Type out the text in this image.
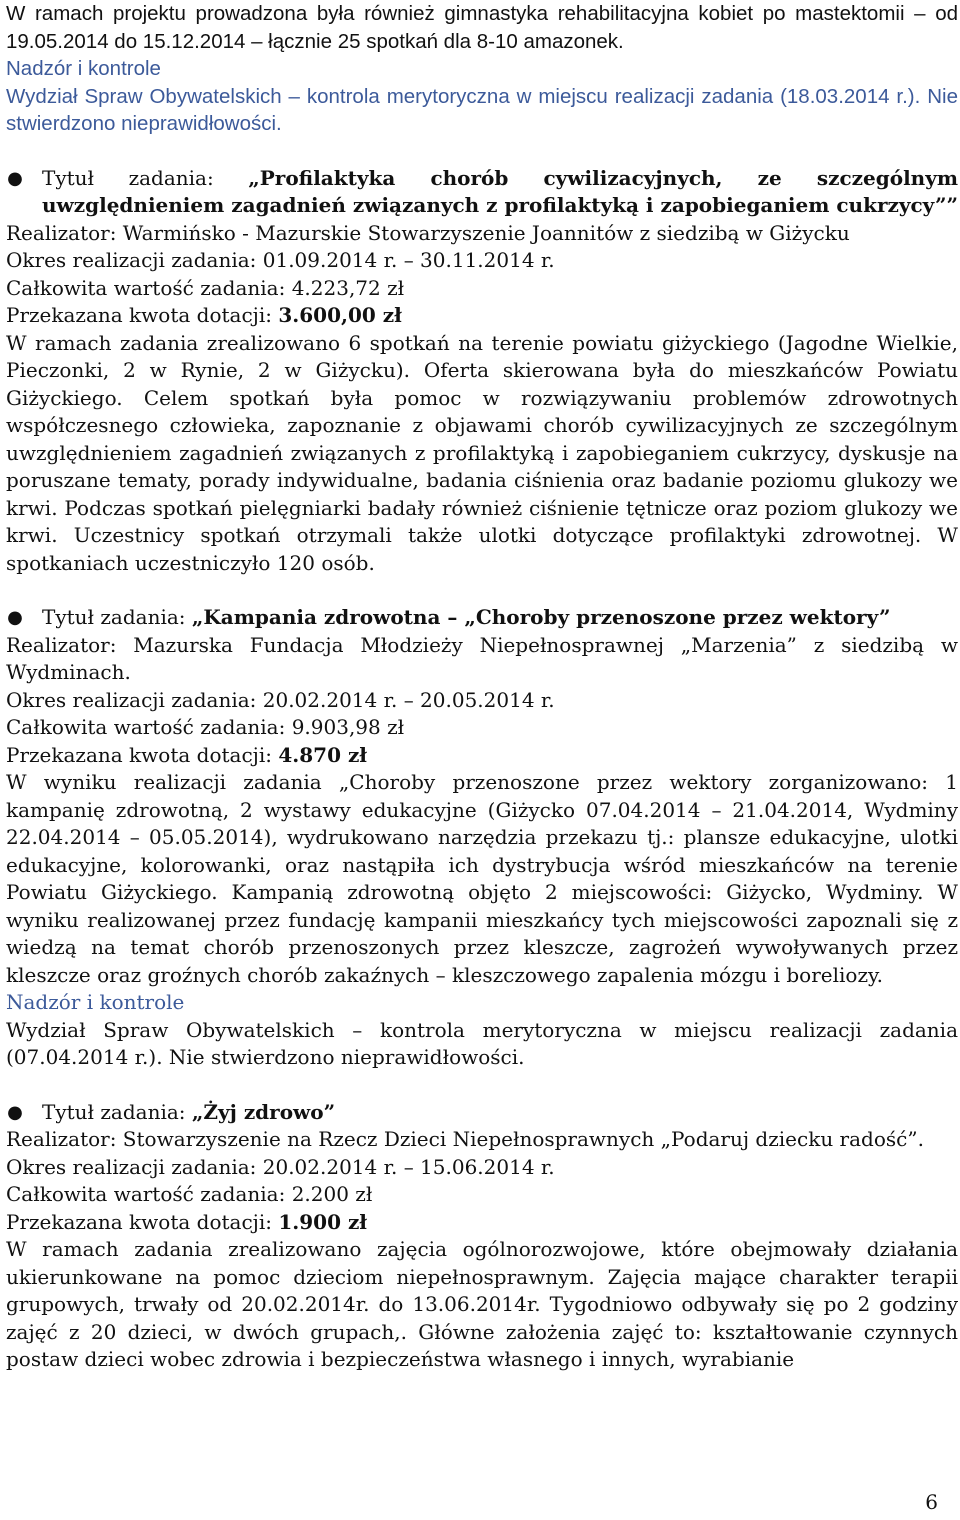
W ramach projektu prowadzona była również gimnastyka rehabilitacyjna kobiet po mastektomii – od 19.05.2014 do 15.12.2014 – łącznie 25 spotkań dla 8-10 amazonek.

Nadzór i kontrole

Wydział Spraw Obywatelskich – kontrola merytoryczna w miejscu realizacji zadania (18.03.2014 r.). Nie stwierdzono nieprawidłowości.

● Tytuł zadania: „Profilaktyka chorób cywilizacyjnych, ze szczególnym uwzględnieniem zagadnień związanych z profilaktyką i zapobieganiem cukrzycy””

Realizator: Warmińsko - Mazurskie Stowarzyszenie Joannitów z siedzibą w Giżycku

Okres realizacji zadania: 01.09.2014 r. – 30.11.2014 r.

Całkowita wartość zadania: 4.223,72 zł

Przekazana kwota dotacji: 3.600,00 zł

W ramach zadania zrealizowano 6 spotkań na terenie powiatu giżyckiego (Jagodne Wielkie, Pieczonki, 2 w Rynie, 2 w Giżycku). Oferta skierowana była do mieszkańców Powiatu Giżyckiego. Celem spotkań była pomoc w rozwiązywaniu problemów zdrowotnych współczesnego człowieka, zapoznanie z objawami chorób cywilizacyjnych ze szczególnym uwzględnieniem zagadnień związanych z profilaktyką i zapobieganiem cukrzycy, dyskusje na poruszane tematy, porady indywidualne, badania ciśnienia oraz badanie poziomu glukozy we krwi. Podczas spotkań pielęgniarki badały również ciśnienie tętnicze oraz poziom glukozy we krwi. Uczestnicy spotkań otrzymali także ulotki dotyczące profilaktyki zdrowotnej. W spotkaniach uczestniczyło 120 osób.

● Tytuł zadania: „Kampania zdrowotna – „Choroby przenoszone przez wektory”

Realizator: Mazurska Fundacja Młodzieży Niepełnosprawnej „Marzenia” z siedzibą w Wydminach.

Okres realizacji zadania: 20.02.2014 r. – 20.05.2014 r.

Całkowita wartość zadania: 9.903,98 zł

Przekazana kwota dotacji: 4.870 zł

W wyniku realizacji zadania „Choroby przenoszone przez wektory zorganizowano: 1 kampanię zdrowotną, 2 wystawy edukacyjne (Giżycko 07.04.2014 – 21.04.2014, Wydminy 22.04.2014 – 05.05.2014), wydrukowano narzędzia przekazu tj.: plansze edukacyjne, ulotki edukacyjne, kolorowanki, oraz nastąpiła ich dystrybucja wśród mieszkańców na terenie Powiatu Giżyckiego. Kampanią zdrowotną objęto 2 miejscowości: Giżycko, Wydminy. W wyniku realizowanej przez fundację kampanii mieszkańcy tych miejscowości zapoznali się z wiedzą na temat chorób przenoszonych przez kleszcze, zagrożeń wywoływanych przez kleszcze oraz groźnych chorób zakaźnych – kleszczowego zapalenia mózgu i boreliozy.

Nadzór i kontrole

Wydział Spraw Obywatelskich – kontrola merytoryczna w miejscu realizacji zadania (07.04.2014 r.). Nie stwierdzono nieprawidłowości.

● Tytuł zadania: „Żyj zdrowo”

Realizator: Stowarzyszenie na Rzecz Dzieci Niepełnosprawnych „Podaruj dziecku radość”.

Okres realizacji zadania: 20.02.2014 r. – 15.06.2014 r.

Całkowita wartość zadania: 2.200 zł

Przekazana kwota dotacji: 1.900 zł

W ramach zadania zrealizowano zajęcia ogólnorozwojowe, które obejmowały działania ukierunkowane na pomoc dzieciom niepełnosprawnym. Zajęcia mające charakter terapii grupowych, trwały od 20.02.2014r. do 13.06.2014r. Tygodniowo odbywały się po 2 godziny zajęć z 20 dzieci, w dwóch grupach,. Główne założenia zajęć to: kształtowanie czynnych postaw dzieci wobec zdrowia i bezpieczeństwa własnego i innych, wyrabianie

6
